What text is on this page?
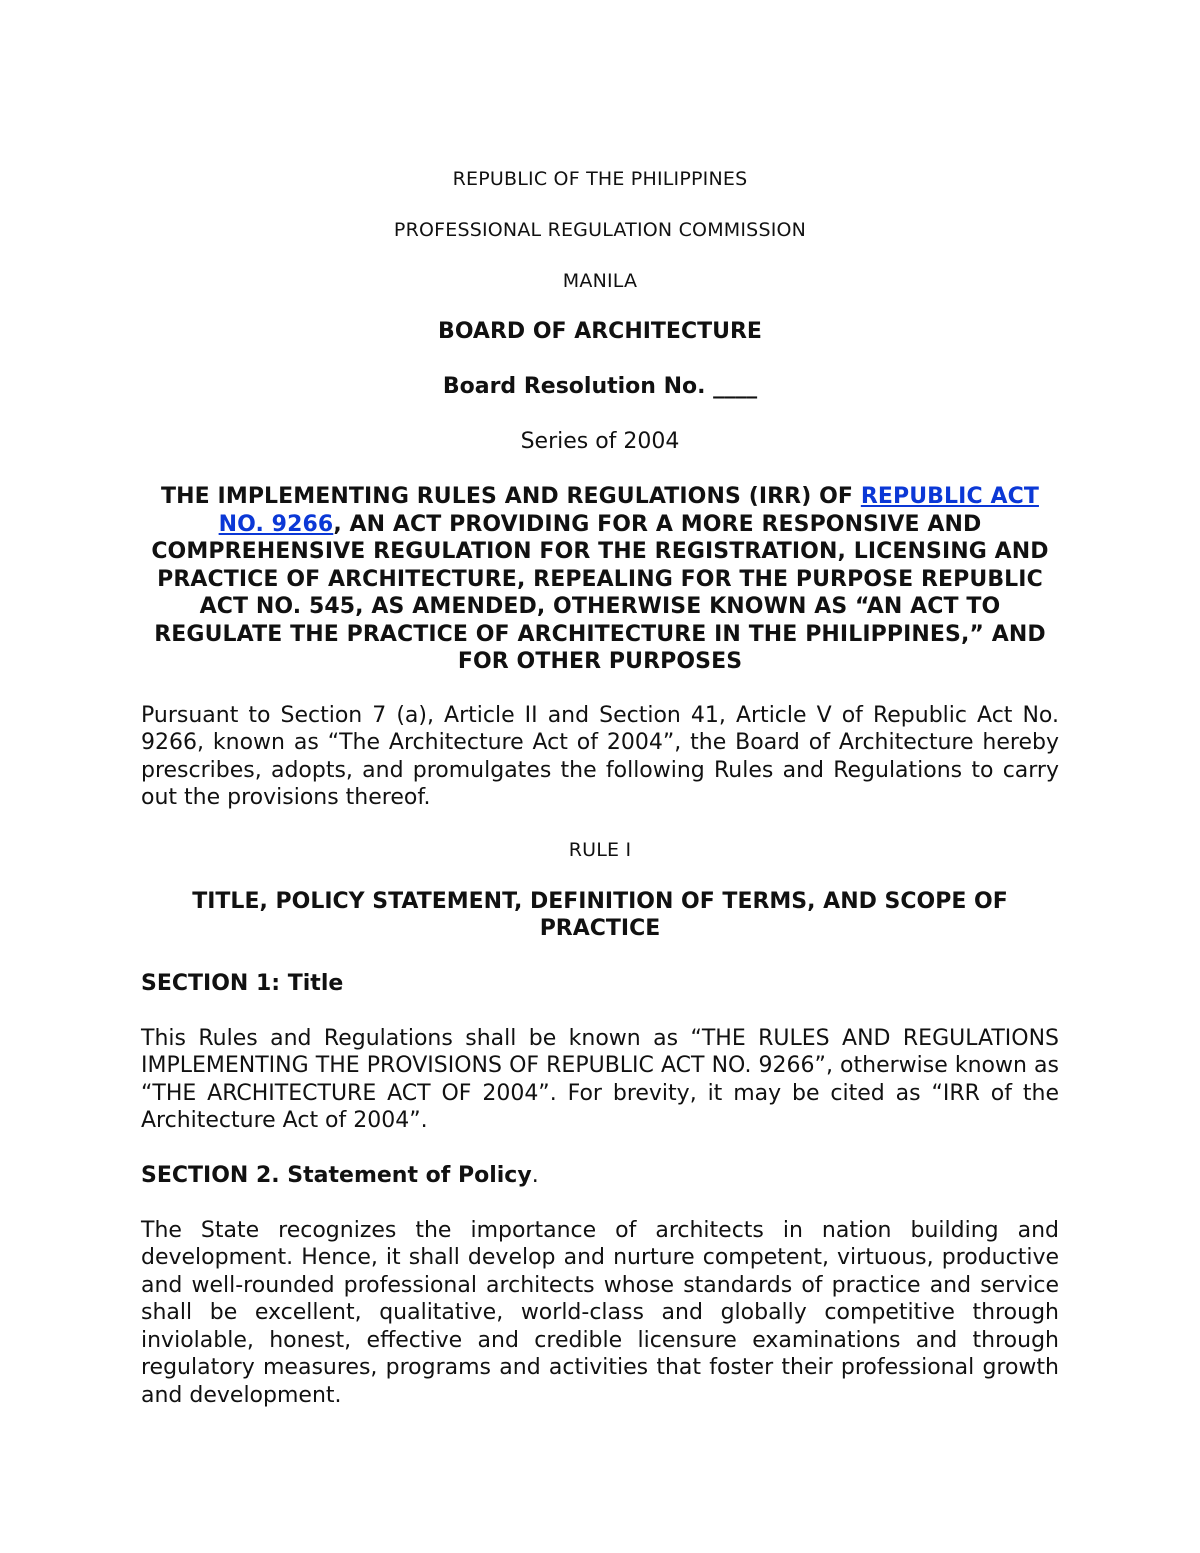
REPUBLIC OF THE PHILIPPINES

PROFESSIONAL REGULATION COMMISSION

MANILA

BOARD OF ARCHITECTURE

Board Resolution No. ____

Series of 2004

THE IMPLEMENTING RULES AND REGULATIONS (IRR) OF REPUBLIC ACT NO. 9266, AN ACT PROVIDING FOR A MORE RESPONSIVE AND COMPREHENSIVE REGULATION FOR THE REGISTRATION, LICENSING AND PRACTICE OF ARCHITECTURE, REPEALING FOR THE PURPOSE REPUBLIC ACT NO. 545, AS AMENDED, OTHERWISE KNOWN AS “AN ACT TO REGULATE THE PRACTICE OF ARCHITECTURE IN THE PHILIPPINES,” AND FOR OTHER PURPOSES

Pursuant to Section 7 (a), Article II and Section 41, Article V of Republic Act No. 9266, known as “The Architecture Act of 2004”, the Board of Architecture hereby prescribes, adopts, and promulgates the following Rules and Regulations to carry out the provisions thereof.

RULE I

TITLE, POLICY STATEMENT, DEFINITION OF TERMS, AND SCOPE OF PRACTICE

SECTION 1: Title

This Rules and Regulations shall be known as “THE RULES AND REGULATIONS IMPLEMENTING THE PROVISIONS OF REPUBLIC ACT NO. 9266”, otherwise known as “THE ARCHITECTURE ACT OF 2004”. For brevity, it may be cited as “IRR of the Architecture Act of 2004”.

SECTION 2. Statement of Policy.

The State recognizes the importance of architects in nation building and development. Hence, it shall develop and nurture competent, virtuous, productive and well-rounded professional architects whose standards of practice and service shall be excellent, qualitative, world-class and globally competitive through inviolable, honest, effective and credible licensure examinations and through regulatory measures, programs and activities that foster their professional growth and development.
